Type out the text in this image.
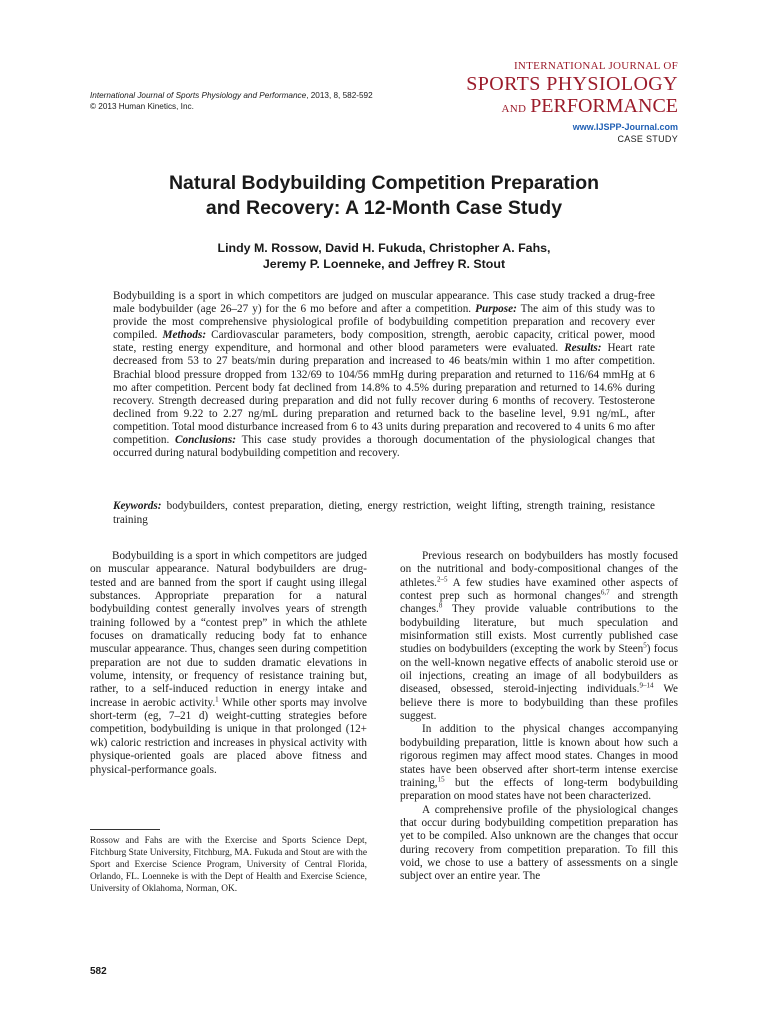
International Journal of Sports Physiology and Performance, 2013, 8, 582-592
© 2013 Human Kinetics, Inc.
INTERNATIONAL JOURNAL OF
SPORTS PHYSIOLOGY
AND PERFORMANCE
www.IJSPP-Journal.com
CASE STUDY
Natural Bodybuilding Competition Preparation
and Recovery: A 12-Month Case Study
Lindy M. Rossow, David H. Fukuda, Christopher A. Fahs,
Jeremy P. Loenneke, and Jeffrey R. Stout
Bodybuilding is a sport in which competitors are judged on muscular appearance. This case study tracked a drug-free male bodybuilder (age 26–27 y) for the 6 mo before and after a competition. Purpose: The aim of this study was to provide the most comprehensive physiological profile of bodybuilding competition preparation and recovery ever compiled. Methods: Cardiovascular parameters, body composition, strength, aerobic capacity, critical power, mood state, resting energy expenditure, and hormonal and other blood parameters were evaluated. Results: Heart rate decreased from 53 to 27 beats/min during preparation and increased to 46 beats/min within 1 mo after competition. Brachial blood pressure dropped from 132/69 to 104/56 mmHg during preparation and returned to 116/64 mmHg at 6 mo after competition. Percent body fat declined from 14.8% to 4.5% during preparation and returned to 14.6% during recovery. Strength decreased during preparation and did not fully recover during 6 months of recovery. Testosterone declined from 9.22 to 2.27 ng/mL during preparation and returned back to the baseline level, 9.91 ng/mL, after competition. Total mood disturbance increased from 6 to 43 units during preparation and recovered to 4 units 6 mo after competition. Conclusions: This case study provides a thorough documentation of the physiological changes that occurred during natural bodybuilding competition and recovery.
Keywords: bodybuilders, contest preparation, dieting, energy restriction, weight lifting, strength training, resistance training

Bodybuilding is a sport in which competitors are judged on muscular appearance. Natural bodybuilders are drug-tested and are banned from the sport if caught using illegal substances. Appropriate preparation for a natural bodybuilding contest generally involves years of strength training followed by a “contest prep” in which the athlete focuses on dramatically reducing body fat to enhance muscular appearance. Thus, changes seen during competition preparation are not due to sudden dramatic elevations in volume, intensity, or frequency of resistance training but, rather, to a self-induced reduction in energy intake and increase in aerobic activity.$^1$ While other sports may involve short-term (eg, 7–21 d) weight-cutting strategies before competition, bodybuilding is unique in that prolonged (12+ wk) caloric restriction and increases in physical activity with physique-oriented goals are placed above fitness and physical-performance goals.

Previous research on bodybuilders has mostly focused on the nutritional and body-compositional changes of the athletes.$^{2-5}$ A few studies have examined other aspects of contest prep such as hormonal changes$^{6,7}$ and strength changes.$^8$ They provide valuable contributions to the bodybuilding literature, but much speculation and misinformation still exists. Most currently published case studies on bodybuilders (excepting the work by Steen$^5$) focus on the well-known negative effects of anabolic steroid use or oil injections, creating an image of all bodybuilders as diseased, obsessed, steroid-injecting individuals.$^{9-14}$ We believe there is more to bodybuilding than these profiles suggest.

In addition to the physical changes accompanying bodybuilding preparation, little is known about how such a rigorous regimen may affect mood states. Changes in mood states have been observed after short-term intense exercise training,$^{15}$ but the effects of long-term bodybuilding preparation on mood states have not been characterized.

A comprehensive profile of the physiological changes that occur during bodybuilding competition preparation has yet to be compiled. Also unknown are the changes that occur during recovery from competition preparation. To fill this void, we chose to use a battery of assessments on a single subject over an entire year. The

Rossow and Fahs are with the Exercise and Sports Science Dept, Fitchburg State University, Fitchburg, MA. Fukuda and Stout are with the Sport and Exercise Science Program, University of Central Florida, Orlando, FL. Loenneke is with the Dept of Health and Exercise Science, University of Oklahoma, Norman, OK.
582
